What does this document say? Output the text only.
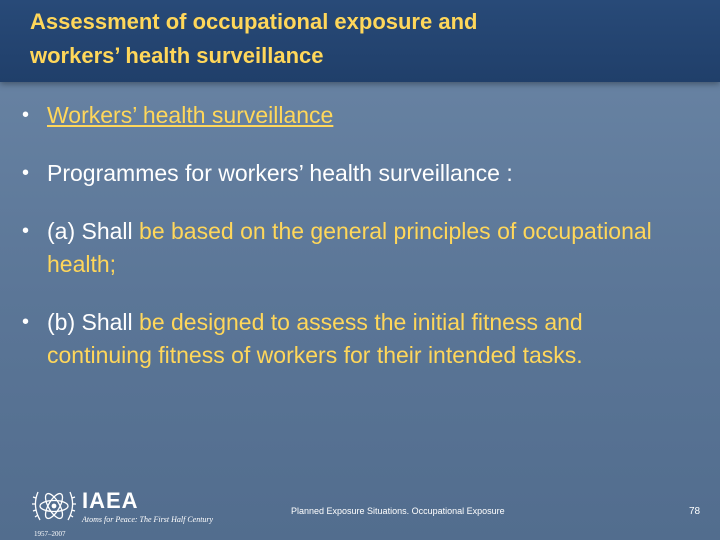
Assessment of occupational exposure and
workers’ health surveillance
• Workers’ health surveillance
• Programmes for workers’ health surveillance :
• (a) Shall be based on the general principles of occupational health;
• (b) Shall be designed to assess the initial fitness and continuing fitness of workers for their intended tasks.
IAEA
Atoms for Peace: The First Half Century
1957–2007
Planned Exposure Situations. Occupational Exposure	78
